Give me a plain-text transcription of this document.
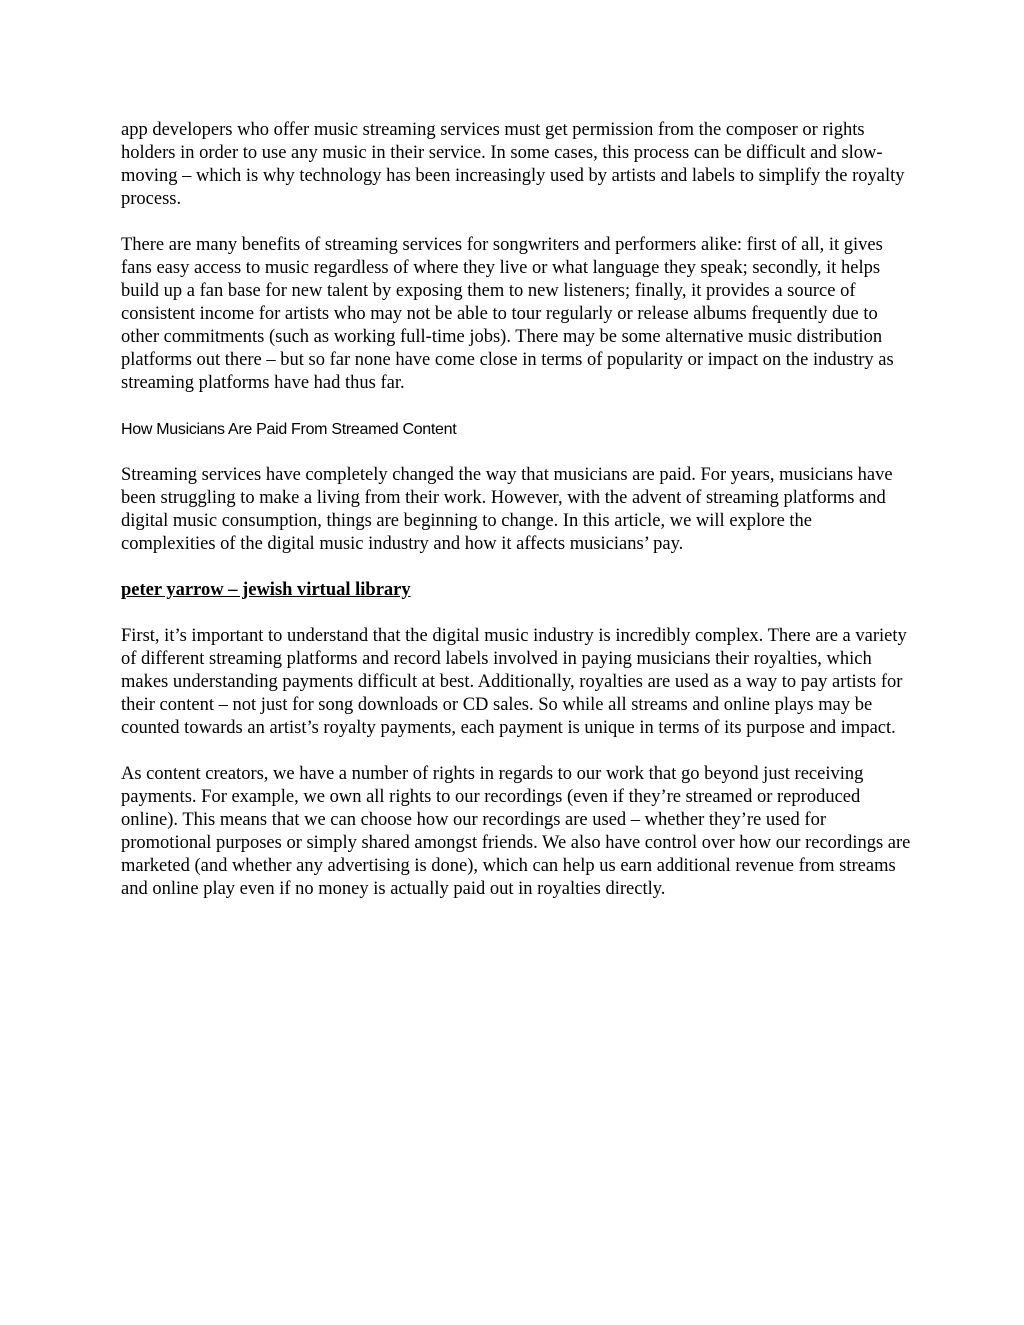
app developers who offer music streaming services must get permission from the composer or rights holders in order to use any music in their service. In some cases, this process can be difficult and slow-moving – which is why technology has been increasingly used by artists and labels to simplify the royalty process.

There are many benefits of streaming services for songwriters and performers alike: first of all, it gives fans easy access to music regardless of where they live or what language they speak; secondly, it helps build up a fan base for new talent by exposing them to new listeners; finally, it provides a source of consistent income for artists who may not be able to tour regularly or release albums frequently due to other commitments (such as working full-time jobs). There may be some alternative music distribution platforms out there – but so far none have come close in terms of popularity or impact on the industry as streaming platforms have had thus far.

How Musicians Are Paid From Streamed Content

Streaming services have completely changed the way that musicians are paid. For years, musicians have been struggling to make a living from their work. However, with the advent of streaming platforms and digital music consumption, things are beginning to change. In this article, we will explore the complexities of the digital music industry and how it affects musicians’ pay.

peter yarrow – jewish virtual library

First, it’s important to understand that the digital music industry is incredibly complex. There are a variety of different streaming platforms and record labels involved in paying musicians their royalties, which makes understanding payments difficult at best. Additionally, royalties are used as a way to pay artists for their content – not just for song downloads or CD sales. So while all streams and online plays may be counted towards an artist’s royalty payments, each payment is unique in terms of its purpose and impact.

As content creators, we have a number of rights in regards to our work that go beyond just receiving payments. For example, we own all rights to our recordings (even if they’re streamed or reproduced online). This means that we can choose how our recordings are used – whether they’re used for promotional purposes or simply shared amongst friends. We also have control over how our recordings are marketed (and whether any advertising is done), which can help us earn additional revenue from streams and online play even if no money is actually paid out in royalties directly.
